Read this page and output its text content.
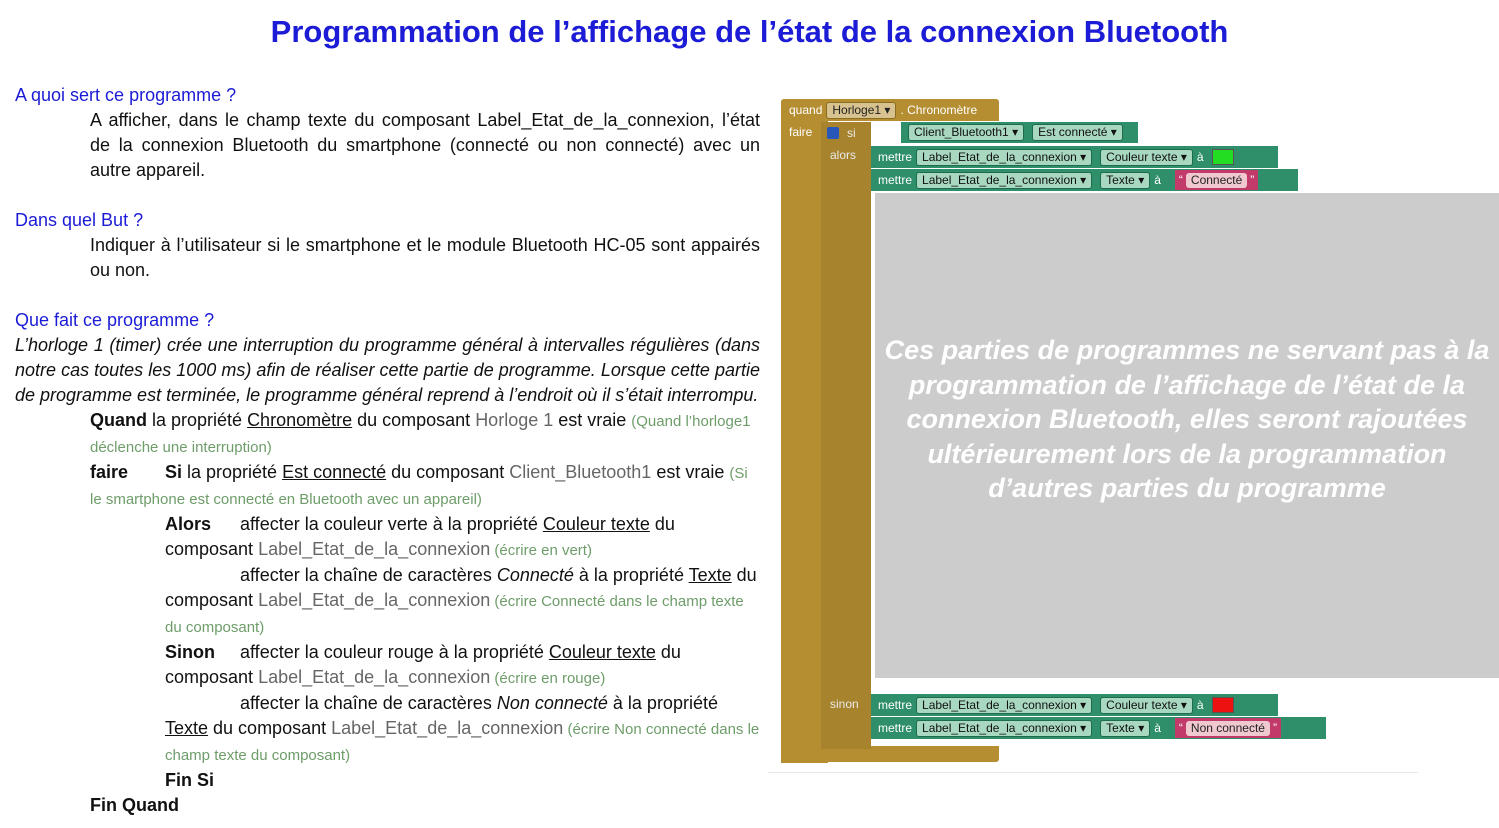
Programmation de l’affichage de l’état de la connexion Bluetooth

A quoi sert ce programme ?

A afficher, dans le champ texte du composant Label_Etat_de_la_connexion, l’état de la connexion Bluetooth du smartphone (connecté ou non connecté) avec un autre appareil.

Dans quel But ?

Indiquer à l’utilisateur si le smartphone et le module Bluetooth HC-05 sont appairés ou non.

Que fait ce programme ?

L’horloge 1 (timer) crée une interruption du programme général à intervalles régulières (dans notre cas toutes les 1000 ms) afin de réaliser cette partie de programme. Lorsque cette partie de programme est terminée, le programme général reprend à l’endroit où il s’était interrompu.

Quand la propriété Chronomètre du composant Horloge 1 est vraie (Quand l’horloge1 déclenche une interruption)

faire Si la propriété Est connecté du composant Client_Bluetooth1 est vraie (Si le smartphone est connecté en Bluetooth avec un appareil)

Alors affecter la couleur verte à la propriété Couleur texte du composant Label_Etat_de_la_connexion (écrire en vert)

affecter la chaîne de caractères Connecté à la propriété Texte du composant Label_Etat_de_la_connexion (écrire Connecté dans le champ texte du composant)

Sinon affecter la couleur rouge à la propriété Couleur texte du composant Label_Etat_de_la_connexion (écrire en rouge)

affecter la chaîne de caractères Non connecté à la propriété Texte du composant Label_Etat_de_la_connexion (écrire Non connecté dans le champ texte du composant)

Fin Si

Fin Quand

quand Horloge1 ▾ . Chronomètre
faire	si	Client_Bluetooth1 ▾	Est connecté ▾
alors
sinon
mettre Label_Etat_de_la_connexion ▾	Couleur texte ▾ à
mettre Label_Etat_de_la_connexion ▾	Texte ▾ à	“ Connecté ”
mettre Label_Etat_de_la_connexion ▾	Couleur texte ▾ à
mettre Label_Etat_de_la_connexion ▾	Texte ▾ à	“ Non connecté ”
Ces parties de programmes ne servant pas à la programmation de l’affichage de l’état de la connexion Bluetooth, elles seront rajoutées ultérieurement lors de la programmation d’autres parties du programme
